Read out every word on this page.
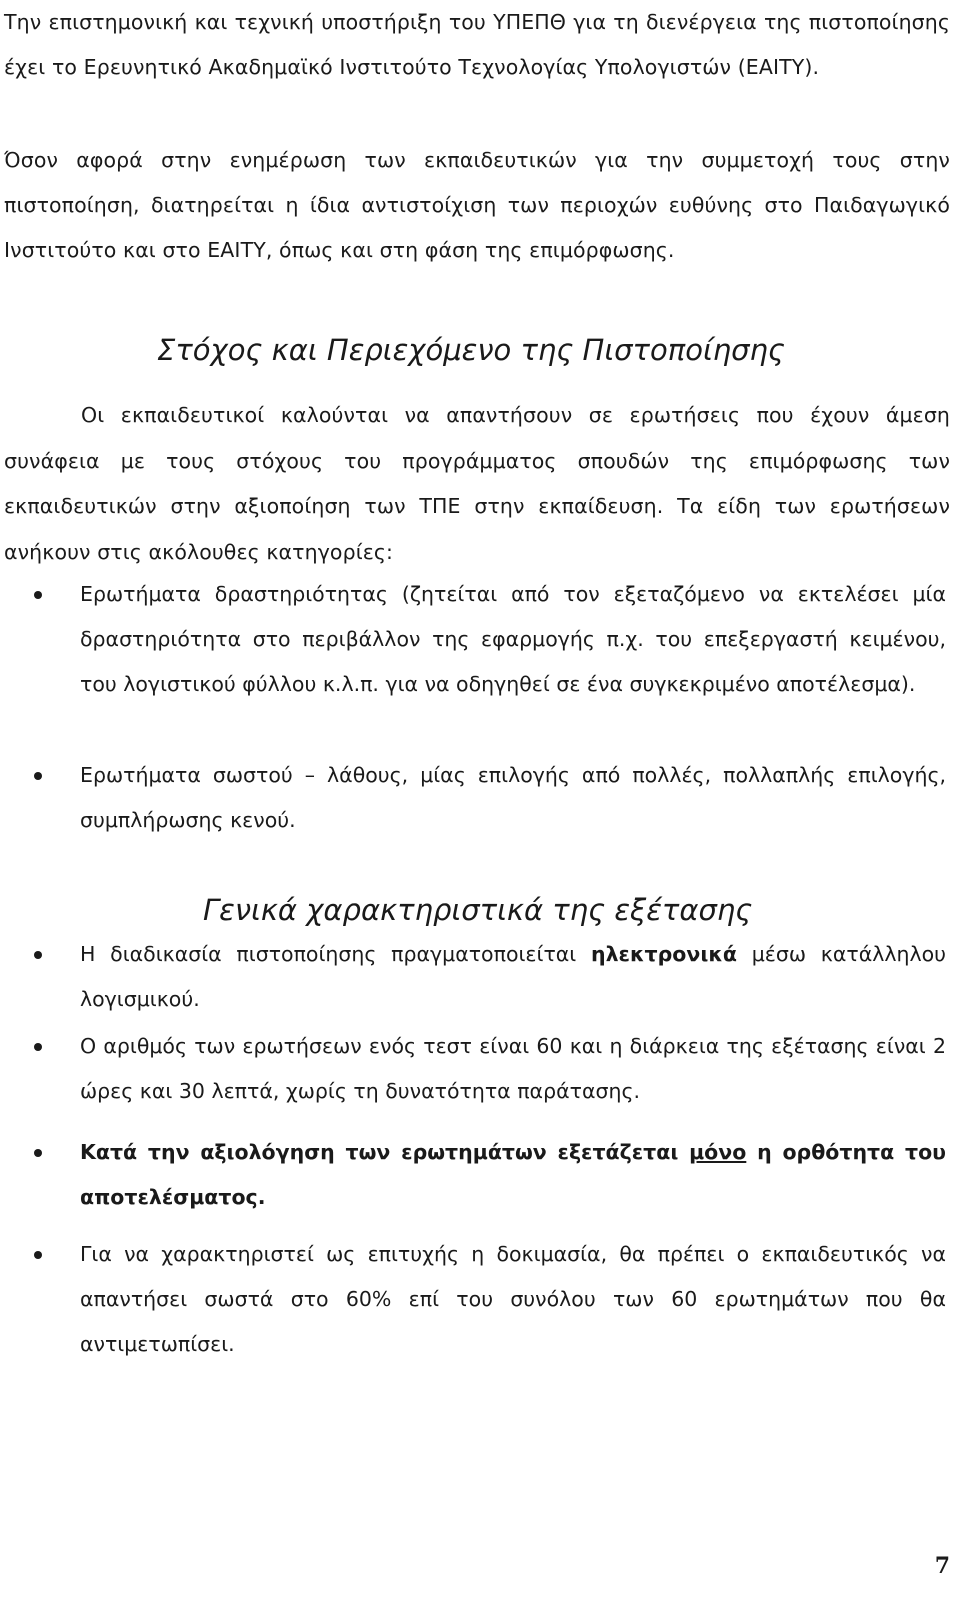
Την επιστημονική και τεχνική υποστήριξη του ΥΠΕΠΘ για τη διενέργεια της πιστοποίησης έχει το Ερευνητικό Ακαδημαϊκό Ινστιτούτο Τεχνολογίας Υπολογιστών (ΕΑΙΤΥ).

Όσον αφορά στην ενημέρωση των εκπαιδευτικών για την συμμετοχή τους στην πιστοποίηση, διατηρείται η ίδια αντιστοίχιση των περιοχών ευθύνης στο Παιδαγωγικό Ινστιτούτο και στο ΕΑΙΤΥ, όπως και στη φάση της επιμόρφωσης.

Στόχος και Περιεχόμενο της Πιστοποίησης

Οι εκπαιδευτικοί καλούνται να απαντήσουν σε ερωτήσεις που έχουν άμεση συνάφεια με τους στόχους του προγράμματος σπουδών της επιμόρφωσης των εκπαιδευτικών στην αξιοποίηση των ΤΠΕ στην εκπαίδευση. Τα είδη των ερωτήσεων ανήκουν στις ακόλουθες κατηγορίες:

Ερωτήματα δραστηριότητας (ζητείται από τον εξεταζόμενο να εκτελέσει μία δραστηριότητα στο περιβάλλον της εφαρμογής π.χ. του επεξεργαστή κειμένου, του λογιστικού φύλλου κ.λ.π. για να οδηγηθεί σε ένα συγκεκριμένο αποτέλεσμα).
Ερωτήματα σωστού – λάθους, μίας επιλογής από πολλές, πολλαπλής επιλογής, συμπλήρωσης κενού.
Γενικά χαρακτηριστικά της εξέτασης
Η διαδικασία πιστοποίησης πραγματοποιείται ηλεκτρονικά μέσω κατάλληλου λογισμικού.
Ο αριθμός των ερωτήσεων ενός τεστ είναι 60 και η διάρκεια της εξέτασης είναι 2 ώρες και 30 λεπτά, χωρίς τη δυνατότητα παράτασης.
Κατά την αξιολόγηση των ερωτημάτων εξετάζεται μόνο η ορθότητα του αποτελέσματος.
Για να χαρακτηριστεί ως επιτυχής η δοκιμασία, θα πρέπει ο εκπαιδευτικός να απαντήσει σωστά στο 60% επί του συνόλου των 60 ερωτημάτων που θα αντιμετωπίσει.
7
